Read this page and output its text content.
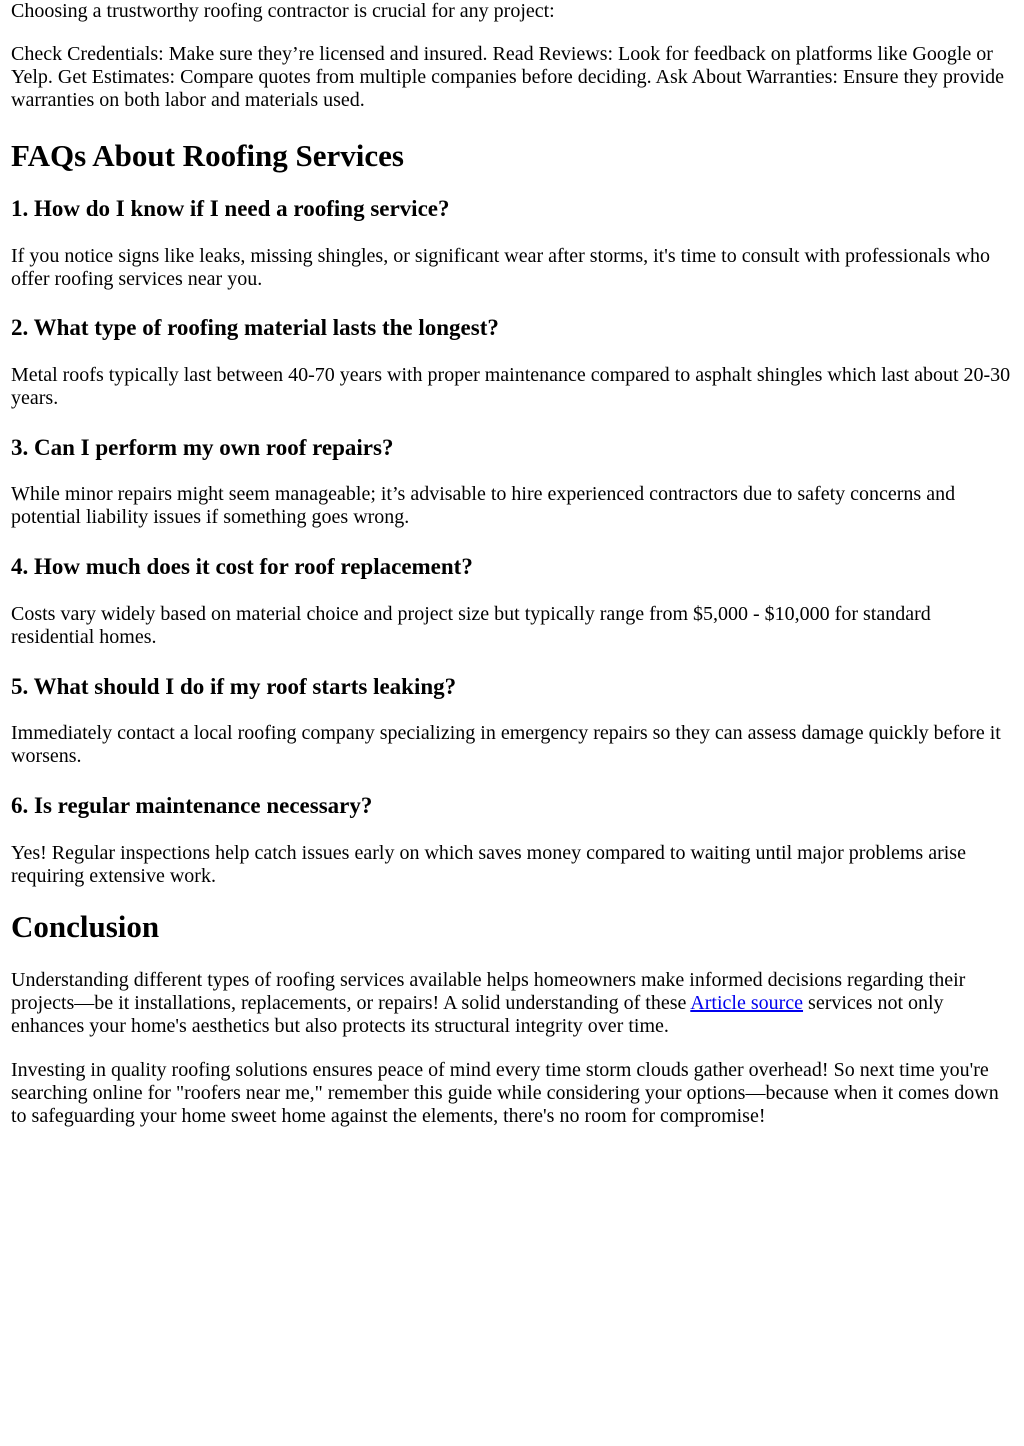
Choosing a trustworthy roofing contractor is crucial for any project:

Check Credentials: Make sure they’re licensed and insured. Read Reviews: Look for feedback on platforms like Google or Yelp. Get Estimates: Compare quotes from multiple companies before deciding. Ask About Warranties: Ensure they provide warranties on both labor and materials used.

FAQs About Roofing Services
1. How do I know if I need a roofing service?

If you notice signs like leaks, missing shingles, or significant wear after storms, it's time to consult with professionals who offer roofing services near you.

2. What type of roofing material lasts the longest?

Metal roofs typically last between 40-70 years with proper maintenance compared to asphalt shingles which last about 20-30 years.

3. Can I perform my own roof repairs?

While minor repairs might seem manageable; it’s advisable to hire experienced contractors due to safety concerns and potential liability issues if something goes wrong.

4. How much does it cost for roof replacement?

Costs vary widely based on material choice and project size but typically range from $5,000 - $10,000 for standard residential homes.

5. What should I do if my roof starts leaking?

Immediately contact a local roofing company specializing in emergency repairs so they can assess damage quickly before it worsens.

6. Is regular maintenance necessary?

Yes! Regular inspections help catch issues early on which saves money compared to waiting until major problems arise requiring extensive work.

Conclusion

Understanding different types of roofing services available helps homeowners make informed decisions regarding their projects—be it installations, replacements, or repairs! A solid understanding of these Article source services not only enhances your home's aesthetics but also protects its structural integrity over time.

Investing in quality roofing solutions ensures peace of mind every time storm clouds gather overhead! So next time you're searching online for "roofers near me," remember this guide while considering your options—because when it comes down to safeguarding your home sweet home against the elements, there's no room for compromise!
